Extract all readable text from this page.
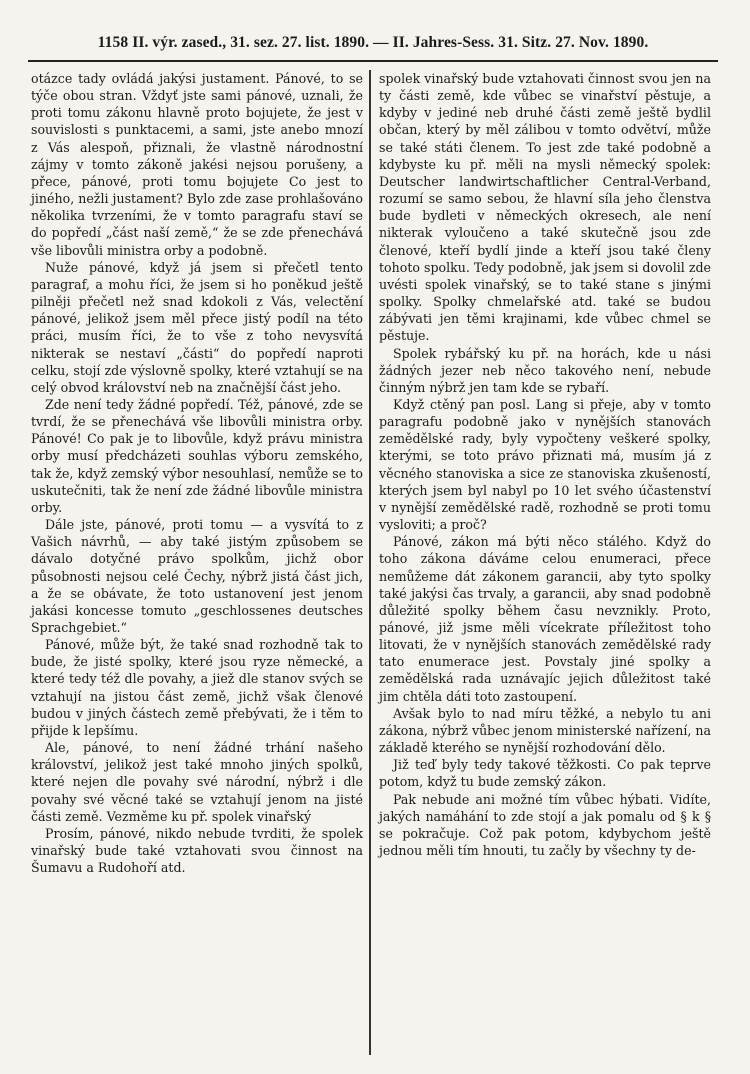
1158 II. výr. zased., 31. sez. 27. list. 1890. — II. Jahres-Sess. 31. Sitz. 27. Nov. 1890.

otázce tady ovládá jakýsi justament. Pánové, to se týče obou stran. Vždyť jste sami pánové, uznali, že proti tomu zákonu hlavně proto bojujete, že jest v souvislosti s punktacemi, a sami, jste anebo mnozí z Vás alespoň, přiznali, že vlastně národnostní zájmy v tomto zákoně jakési nejsou porušeny, a přece, pánové, proti tomu bojujete Co jest to jiného, nežli justament? Bylo zde zase prohlašováno několika tvrzeními, že v tomto paragrafu staví se do popředí „část naší země,“ že se zde přenechává vše libovůli ministra orby a podobně.

Nuže pánové, když já jsem si přečetl tento paragraf, a mohu říci, že jsem si ho poněkud ještě pilněji přečetl než snad kdokoli z Vás, velectění pánové, jelikož jsem měl přece jistý podíl na této práci, musím říci, že to vše z toho nevysvítá nikterak se nestaví „části“ do popředí naproti celku, stojí zde výslovně spolky, které vztahují se na celý obvod království neb na značnější část jeho.

Zde není tedy žádné popředí. Též, pánové, zde se tvrdí, že se přenechává vše libovůli ministra orby. Pánové! Co pak je to libovůle, když právu ministra orby musí předcházeti souhlas výboru zemského, tak že, když zemský výbor nesouhlasí, nemůže se to uskutečniti, tak že není zde žádné libovůle ministra orby.

Dále jste, pánové, proti tomu — a vysvítá to z Vašich návrhů, — aby také jistým způsobem se dávalo dotyčné právo spolkům, jichž obor působnosti nejsou celé Čechy, nýbrž jistá část jich, a že se obávate, že toto ustanovení jest jenom jakási koncesse tomuto „geschlossenes deutsches Sprachgebiet.“

Pánové, může být, že také snad rozhodně tak to bude, že jisté spolky, které jsou ryze německé, a které tedy též dle povahy, a jiež dle stanov svých se vztahují na jistou část země, jichž však členové budou v jiných částech země přebývati, že i těm to přijde k lepšímu.

Ale, pánové, to není žádné trhání našeho království, jelikož jest také mnoho jiných spolků, které nejen dle povahy své národní, nýbrž i dle povahy své věcné také se vztahují jenom na jisté části země. Vezměme ku př. spolek vinařský

Prosím, pánové, nikdo nebude tvrditi, že spolek vinařský bude také vztahovati svou činnost na Šumavu a Rudohoří atd.

spolek vinařský bude vztahovati činnost svou jen na ty části země, kde vůbec se vinařství pěstuje, a kdyby v jediné neb druhé části země ještě bydlil občan, který by měl zálibou v tomto odvětví, může se také státi členem. To jest zde také podobně a kdybyste ku př. měli na mysli německý spolek: Deutscher landwirtschaftlicher Central-Verband, rozumí se samo sebou, že hlavní síla jeho členstva bude bydleti v německých okresech, ale není nikterak vyloučeno a také skutečně jsou zde členové, kteří bydlí jinde a kteří jsou také členy tohoto spolku. Tedy podobně, jak jsem si dovolil zde uvésti spolek vinařský, se to také stane s jinými spolky. Spolky chmelařské atd. také se budou zábývati jen těmi krajinami, kde vůbec chmel se pěstuje.

Spolek rybářský ku př. na horách, kde u nási žádných jezer neb něco takového není, nebude činným nýbrž jen tam kde se rybaří.

Když ctěný pan posl. Lang si přeje, aby v tomto paragrafu podobně jako v nynějších stanovách zemědělské rady, byly vypočteny veškeré spolky, kterými, se toto právo přiznati má, musím já z věcného stanoviska a sice ze stanoviska zkušeností, kterých jsem byl nabyl po 10 let svého účastenství v nynější zemědělské radě, rozhodně se proti tomu vysloviti; a proč?

Pánové, zákon má býti něco stálého. Když do toho zákona dáváme celou enumeraci, přece nemůžeme dát zákonem garancii, aby tyto spolky také jakýsi čas trvaly, a garancii, aby snad podobně důležité spolky během času nevznikly. Proto, pánové, již jsme měli vícekrate příležitost toho litovati, že v nynějších stanovách zemědělské rady tato enumerace jest. Povstaly jiné spolky a zemědělská rada uznávajíc jejich důležitost také jim chtěla dáti toto zastoupení.

Avšak bylo to nad míru těžké, a nebylo tu ani zákona, nýbrž vůbec jenom ministerské nařízení, na základě kterého se nynější rozhodování dělo.

Již teď byly tedy takové těžkosti. Co pak teprve potom, když tu bude zemský zákon.

Pak nebude ani možné tím vůbec hýbati. Vidíte, jakých namáhání to zde stojí a jak pomalu od § k § se pokračuje. Což pak potom, kdybychom ještě jednou měli tím hnouti, tu začly by všechny ty de-
